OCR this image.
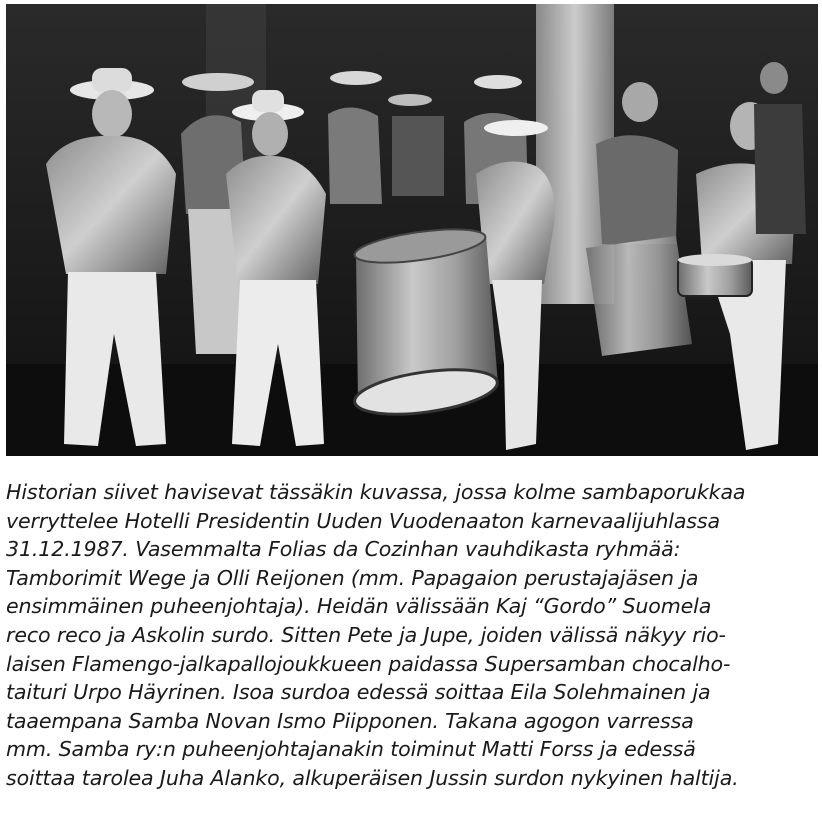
Historian siivet havisevat tässäkin kuvassa, jossa kolme sambaporukkaa
verryttelee Hotelli Presidentin Uuden Vuodenaaton karnevaalijuhlassa
31.12.1987. Vasemmalta Folias da Cozinhan vauhdikasta ryhmää:
Tamborimit Wege ja Olli Reijonen (mm. Papagaion perustajajäsen ja
ensimmäinen puheenjohtaja). Heidän välissään Kaj “Gordo” Suomela
reco reco ja Askolin surdo. Sitten Pete ja Jupe, joiden välissä näkyy rio-
laisen Flamengo-jalkapallojoukkueen paidassa Supersamban chocalho-
taituri Urpo Häyrinen. Isoa surdoa edessä soittaa Eila Solehmainen ja
taaempana Samba Novan Ismo Piipponen. Takana agogon varressa
mm. Samba ry:n puheenjohtajanakin toiminut Matti Forss ja edessä
soittaa tarolea Juha Alanko, alkuperäisen Jussin surdon nykyinen haltija.
